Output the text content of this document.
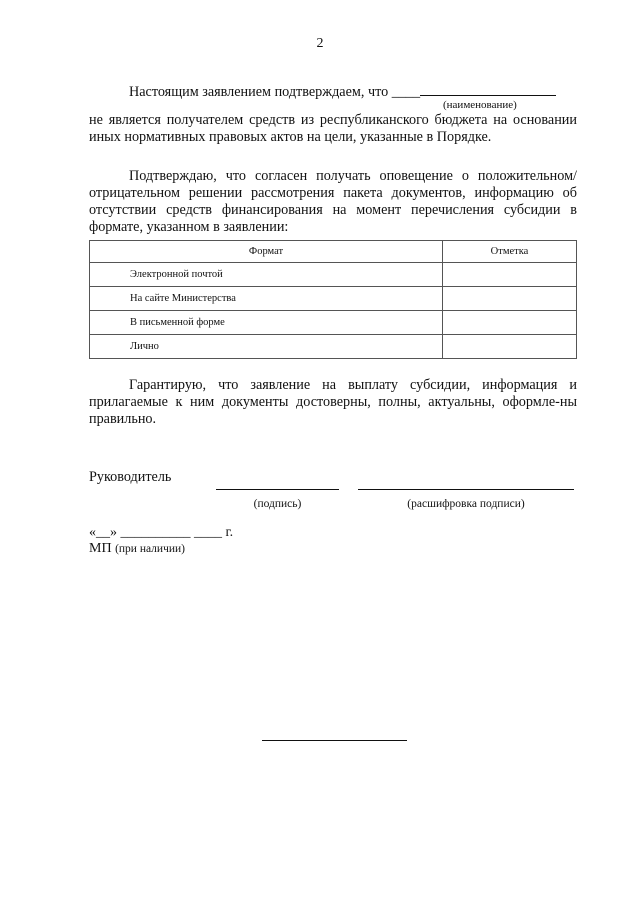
2
Настоящим заявлением подтверждаем, что ____
(наименование)
не является получателем средств из республиканского бюджета на основании иных нормативных правовых актов на цели, указанные в Порядке.
Подтверждаю, что согласен получать оповещение о положительном/отрицательном решении рассмотрения пакета документов, информацию об отсутствии средств финансирования на момент перечисления субсидии в формате, указанном в заявлении:
Формат	Отметка
Электронной почтой	
На сайте Министерства	
В письменной форме	
Лично	
Гарантирую, что заявление на выплату субсидии, информация и прилагаемые к ним документы достоверны, полны, актуальны, оформле-ны правильно.
Руководитель
(подпись)	(расшифровка подписи)
«__» __________ ____ г.
МП (при наличии)
